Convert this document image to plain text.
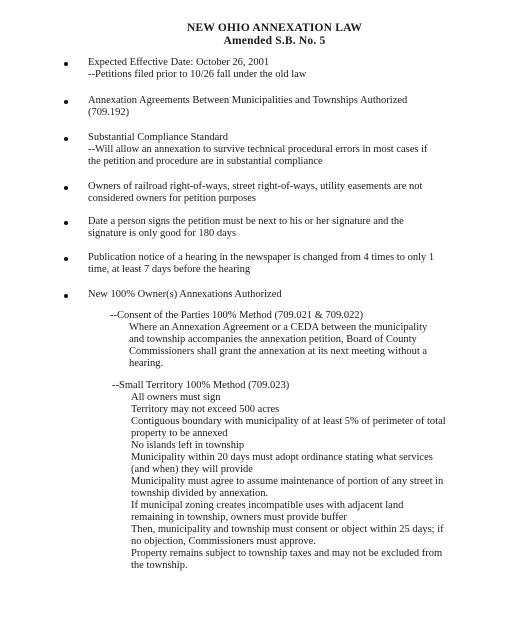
NEW OHIO ANNEXATION LAW
Amended S.B. No. 5
Expected Effective Date: October 26, 2001
--Petitions filed prior to 10/26 fall under the old law
Annexation Agreements Between Municipalities and Townships Authorized
(709.192)
Substantial Compliance Standard
--Will allow an annexation to survive technical procedural errors in most cases if
the petition and procedure are in substantial compliance
Owners of railroad right-of-ways, street right-of-ways, utility easements are not
considered owners for petition purposes
Date a person signs the petition must be next to his or her signature and the
signature is only good for 180 days
Publication notice of a hearing in the newspaper is changed from 4 times to only 1
time, at least 7 days before the hearing
New 100% Owner(s) Annexations Authorized
--Consent of the Parties 100% Method (709.021 & 709.022)
Where an Annexation Agreement or a CEDA between the municipality
and township accompanies the annexation petition, Board of County
Commissioners shall grant the annexation at its next meeting without a
hearing.
--Small Territory 100% Method (709.023)
All owners must sign
Territory may not exceed 500 acres
Contiguous boundary with municipality of at least 5% of perimeter of total
property to be annexed
No islands left in township
Municipality within 20 days must adopt ordinance stating what services
(and when) they will provide
Municipality must agree to assume maintenance of portion of any street in
township divided by annexation.
If municipal zoning creates incompatible uses with adjacent land
remaining in township, owners must provide buffer
Then, municipality and township must consent or object within 25 days; if
no objection, Commissioners must approve.
Property remains subject to township taxes and may not be excluded from
the township.
